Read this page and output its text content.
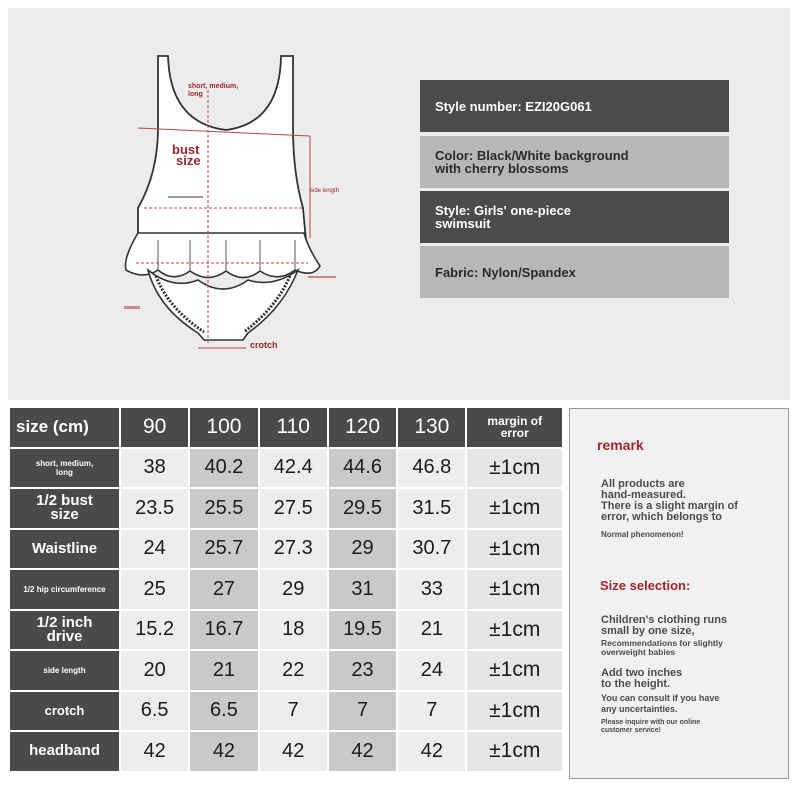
short, medium, long
bust size
side length
crotch
Style number: EZI20G061
Color: Black/White background
with cherry blossoms
Style: Girls' one-piece
swimsuit
Fabric: Nylon/Spandex
size (cm)	90	100	110	120	130	margin of
error

short, medium,
long	38	40.2	42.4	44.6	46.8	±1cm

1/2 bust
size	23.5	25.5	27.5	29.5	31.5	±1cm

Waistline	24	25.7	27.3	29	30.7	±1cm

1/2 hip circumference	25	27	29	31	33	±1cm

1/2 inch
drive	15.2	16.7	18	19.5	21	±1cm

side length	20	21	22	23	24	±1cm

crotch	6.5	6.5	7	7	7	±1cm

headband	42	42	42	42	42	±1cm
remark
All products are
hand-measured.
There is a slight margin of
error, which belongs to
Normal phenomenon!
Size selection:
Children's clothing runs
small by one size,
Recommendations for slightly
overweight babies
Add two inches
to the height.
You can consult if you have
any uncertainties.
Please inquire with our online
customer service!
